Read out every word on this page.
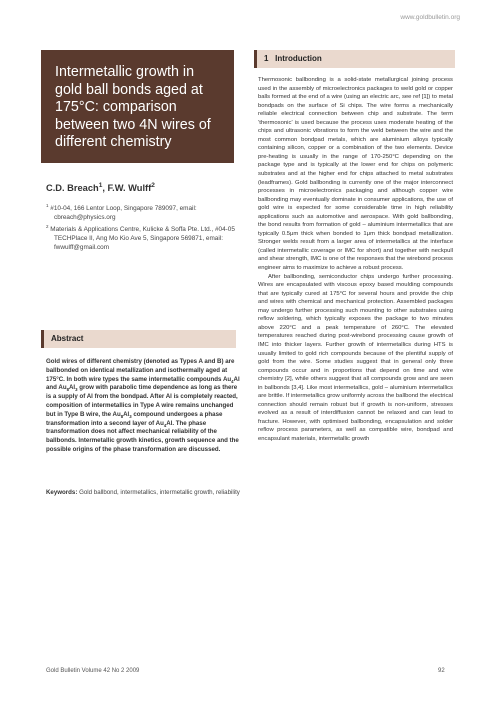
www.goldbulletin.org
Intermetallic growth in gold ball bonds aged at 175°C: comparison between two 4N wires of different chemistry
C.D. Breach$^1$, F.W. Wulff$^2$

$^1$ #10-04, 166 Lentor Loop, Singapore 789097, email: cbreach@physics.org

$^2$ Materials & Applications Centre, Kulicke & Soffa Pte. Ltd., #04-05 TECHPlace II, Ang Mo Kio Ave 5, Singapore 569871, email: fwwulff@gmail.com

Abstract
Gold wires of different chemistry (denoted as Types A and B) are ballbonded on identical metallization and isothermally aged at 175°C. In both wire types the same intermetallic compounds $Au_4Al$ and $Au_8Al_3$ grow with parabolic time dependence as long as there is a supply of Al from the bondpad. After Al is completely reacted, composition of intermetallics in Type A wire remains unchanged but in Type B wire, the $Au_8Al_3$ compound undergoes a phase transformation into a second layer of $Au_4Al$. The phase transformation does not affect mechanical reliability of the ballbonds. Intermetallic growth kinetics, growth sequence and the possible origins of the phase transformation are discussed.
Keywords: Gold ballbond, intermetallics, intermetallic growth, reliability
1 Introduction

Thermosonic ballbonding is a solid-state metallurgical joining process used in the assembly of microelectronics packages to weld gold or copper balls formed at the end of a wire (using an electric arc, see ref [1]) to metal bondpads on the surface of Si chips. The wire forms a mechanically reliable electrical connection between chip and substrate. The term ‘thermosonic’ is used because the process uses moderate heating of the chips and ultrasonic vibrations to form the weld between the wire and the most common bondpad metals, which are aluminium alloys typically containing silicon, copper or a combination of the two elements. Device pre-heating is usually in the range of 170-250°C depending on the package type and is typically at the lower end for chips on polymeric substrates and at the higher end for chips attached to metal substrates (leadframes). Gold ballbonding is currently one of the major interconnect processes in microelectronics packaging and although copper wire ballbonding may eventually dominate in consumer applications, the use of gold wire is expected for some considerable time in high reliability applications such as automotive and aerospace. With gold ballbonding, the bond results from formation of gold – aluminium intermetallics that are typically 0.5μm thick when bonded to 1μm thick bondpad metallization. Stronger welds result from a larger area of intermetallics at the interface (called intermetallic coverage or IMC for short) and together with neckpull and shear strength, IMC is one of the responses that the wirebond process engineer aims to maximize to achieve a robust process.

After ballbonding, semiconductor chips undergo further processing. Wires are encapsulated with viscous epoxy based moulding compounds that are typically cured at 175°C for several hours and provide the chip and wires with chemical and mechanical protection. Assembled packages may undergo further processing such mounting to other substrates using reflow soldering, which typically exposes the package to two minutes above 220°C and a peak temperature of 260°C. The elevated temperatures reached during post-wirebond processing cause growth of IMC into thicker layers. Further growth of intermetallics during HTS is usually limited to gold rich compounds because of the plentiful supply of gold from the wire. Some studies suggest that in general only three compounds occur and in proportions that depend on time and wire chemistry [2], while others suggest that all compounds grow and are seen in ballbonds [3,4]. Like most intermetallics, gold – aluminium intermetallics are brittle. If intermetallics grow uniformly across the ballbond the electrical connection should remain robust but if growth is non-uniform, stresses evolved as a result of interdiffusion cannot be relaxed and can lead to fracture. However, with optimised ballbonding, encapsulation and solder reflow process parameters, as well as compatible wire, bondpad and encapsulant materials, intermetallic growth

Gold Bulletin Volume 42 No 2 2009	92
